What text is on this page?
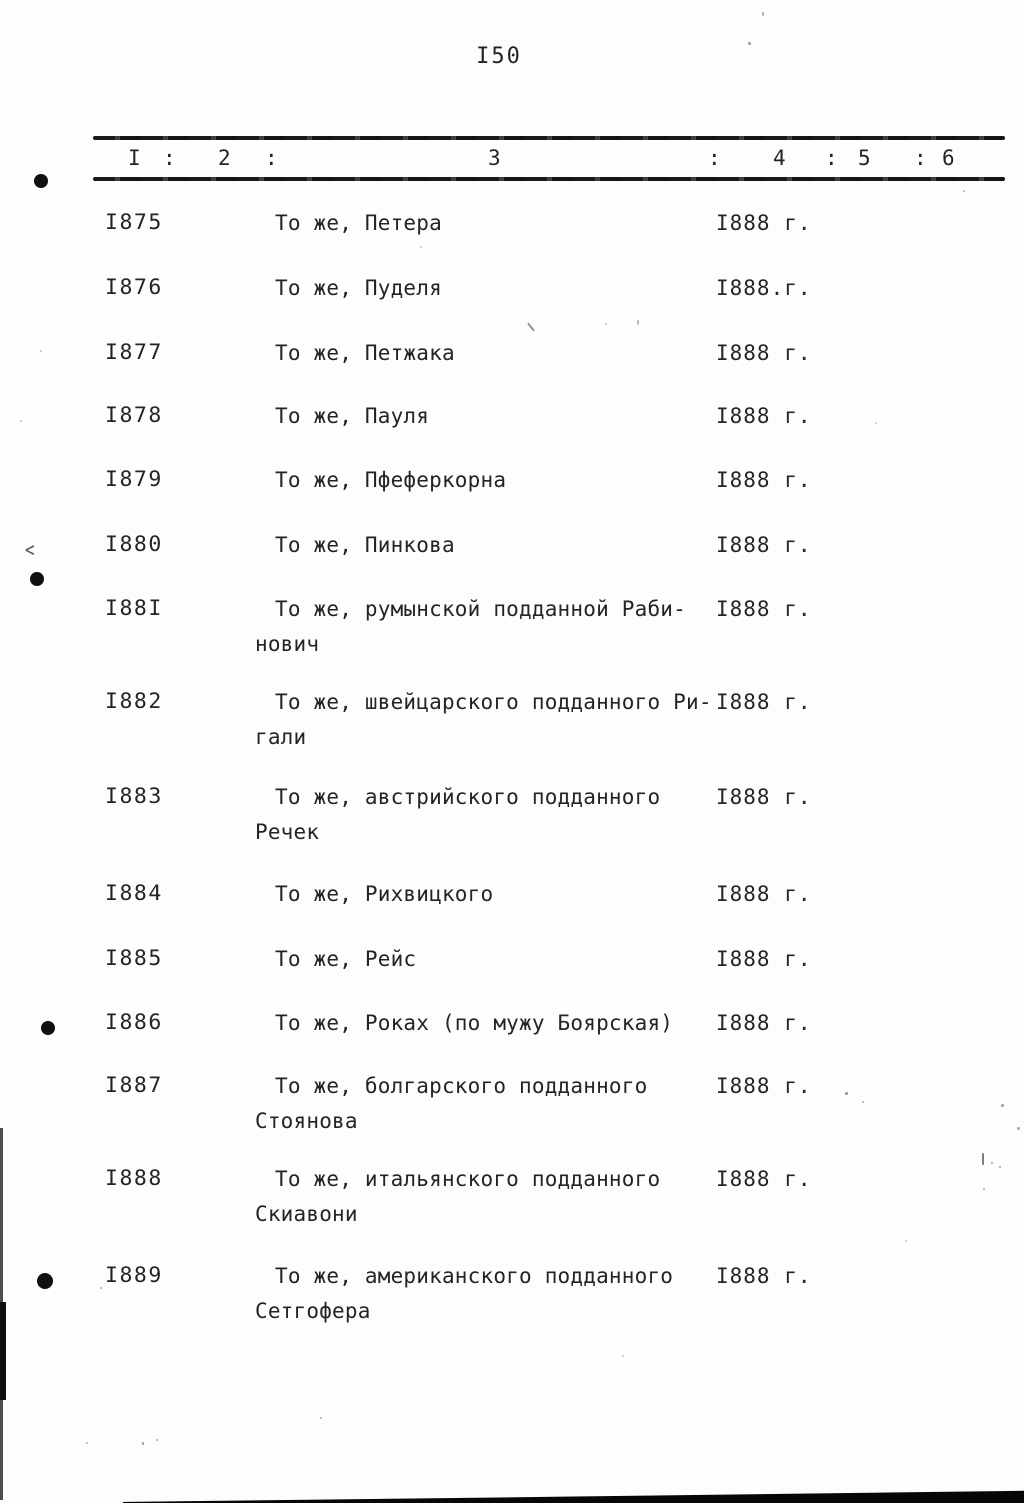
I50
I : 2 :	3	: 4 : 5 : 6
I875	То же, Петера	I888 г.
I876	То же, Пуделя	I888.г.
I877	То же, Петжака	I888 г.
I878	То же, Пауля	I888 г.
I879	То же, Пфеферкорна	I888 г.
I880	То же, Пинкова	I888 г.
I88I	То же, румынской подданной Раби-
нович
I888 г.
I882	То же, швейцарского подданного Ри-
гали
I888 г.
I883	То же, австрийского подданного
Речек
I888 г.
I884	То же, Рихвицкого	I888 г.
I885	То же, Рейс	I888 г.
I886	То же, Роках (по мужу Боярская)	I888 г.
I887	То же, болгарского подданного
Стоянова
I888 г.
I888	То же, итальянского подданного
Скиавони
I888 г.
I889	То же, американского подданного
Сетгофера
I888 г.
<
